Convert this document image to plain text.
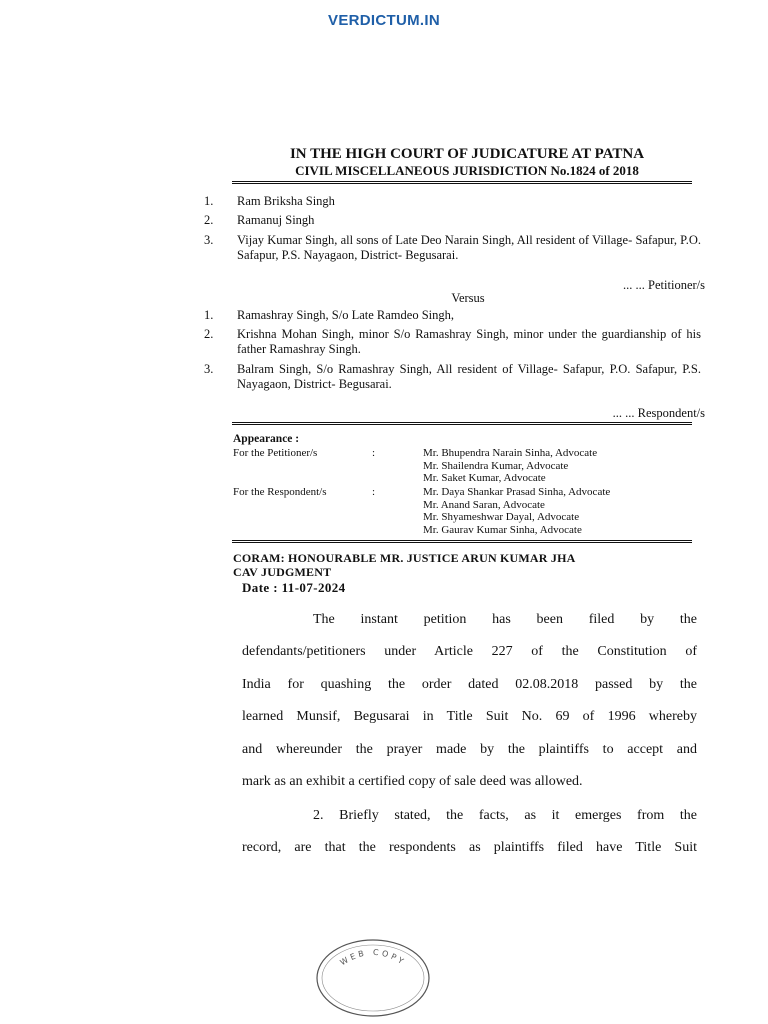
VERDICTUM.IN
IN THE HIGH COURT OF JUDICATURE AT PATNA
CIVIL MISCELLANEOUS JURISDICTION No.1824 of 2018
1.	Ram Briksha Singh
2.	Ramanuj Singh
3.	Vijay Kumar Singh, all sons of Late Deo Narain Singh, All resident of Village- Safapur, P.O. Safapur, P.S. Nayagaon, District- Begusarai.
... ... Petitioner/s
Versus
1.	Ramashray Singh, S/o Late Ramdeo Singh,
2.	Krishna Mohan Singh, minor S/o Ramashray Singh, minor under the guardianship of his father Ramashray Singh.
3.	Balram Singh, S/o Ramashray Singh, All resident of Village- Safapur, P.O. Safapur, P.S. Nayagaon, District- Begusarai.
... ... Respondent/s
Appearance :
For the Petitioner/s	:	Mr. Bhupendra Narain Sinha, Advocate
Mr. Shailendra Kumar, Advocate
Mr. Saket Kumar, Advocate
For the Respondent/s	:	Mr. Daya Shankar Prasad Sinha, Advocate
Mr. Anand Saran, Advocate
Mr. Shyameshwar Dayal, Advocate
Mr. Gaurav Kumar Sinha, Advocate
CORAM: HONOURABLE MR. JUSTICE ARUN KUMAR JHA
CAV JUDGMENT
Date : 11-07-2024
The instant petition has been filed by the
defendants/petitioners under Article 227 of the Constitution of
India for quashing the order dated 02.08.2018 passed by the
learned Munsif, Begusarai in Title Suit No. 69 of 1996 whereby
and whereunder the prayer made by the plaintiffs to accept and
mark as an exhibit a certified copy of sale deed was allowed.
2. Briefly stated, the facts, as it emerges from the
record, are that the respondents as plaintiffs filed have Title Suit
WEB COPY
